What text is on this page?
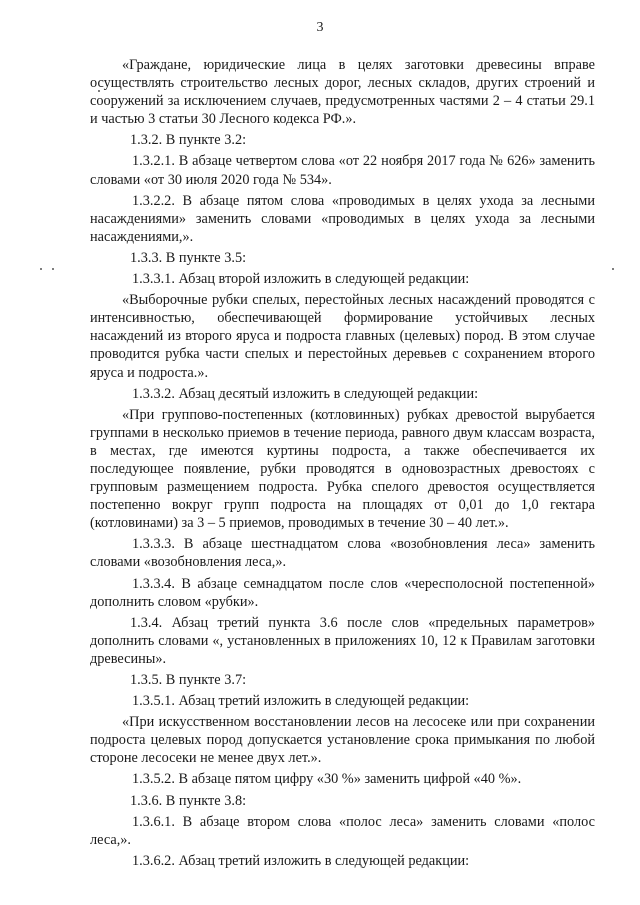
3

«Граждане, юридические лица в целях заготовки древесины вправе осуществлять строительство лесных дорог, лесных складов, других строений и сооружений за исключением случаев, предусмотренных частями 2 – 4 статьи 29.1 и частью 3 статьи 30 Лесного кодекса РФ.».

1.3.2. В пункте 3.2:

1.3.2.1. В абзаце четвертом слова «от 22 ноября 2017 года № 626» заменить словами «от 30 июля 2020 года № 534».

1.3.2.2. В абзаце пятом слова «проводимых в целях ухода за лесными насаждениями» заменить словами «проводимых в целях ухода за лесными насаждениями,».

1.3.3. В пункте 3.5:

1.3.3.1. Абзац второй изложить в следующей редакции:

«Выборочные рубки спелых, перестойных лесных насаждений проводятся с интенсивностью, обеспечивающей формирование устойчивых лесных насаждений из второго яруса и подроста главных (целевых) пород. В этом случае проводится рубка части спелых и перестойных деревьев с сохранением второго яруса и подроста.».

1.3.3.2. Абзац десятый изложить в следующей редакции:

«При группово-постепенных (котловинных) рубках древостой вырубается группами в несколько приемов в течение периода, равного двум классам возраста, в местах, где имеются куртины подроста, а также обеспечивается их последующее появление, рубки проводятся в одновозрастных древостоях с групповым размещением подроста. Рубка спелого древостоя осуществляется постепенно вокруг групп подроста на площадях от 0,01 до 1,0 гектара (котловинами) за 3 – 5 приемов, проводимых в течение 30 – 40 лет.».

1.3.3.3. В абзаце шестнадцатом слова «возобновления леса» заменить словами «возобновления леса,».

1.3.3.4. В абзаце семнадцатом после слов «чересполосной постепенной» дополнить словом «рубки».

1.3.4. Абзац третий пункта 3.6 после слов «предельных параметров» дополнить словами «, установленных в приложениях 10, 12 к Правилам заготовки древесины».

1.3.5. В пункте 3.7:

1.3.5.1. Абзац третий изложить в следующей редакции:

«При искусственном восстановлении лесов на лесосеке или при сохранении подроста целевых пород допускается установление срока примыкания по любой стороне лесосеки не менее двух лет.».

1.3.5.2. В абзаце пятом цифру «30 %» заменить цифрой «40 %».

1.3.6. В пункте 3.8:

1.3.6.1. В абзаце втором слова «полос леса» заменить словами «полос леса,».

1.3.6.2. Абзац третий изложить в следующей редакции:
